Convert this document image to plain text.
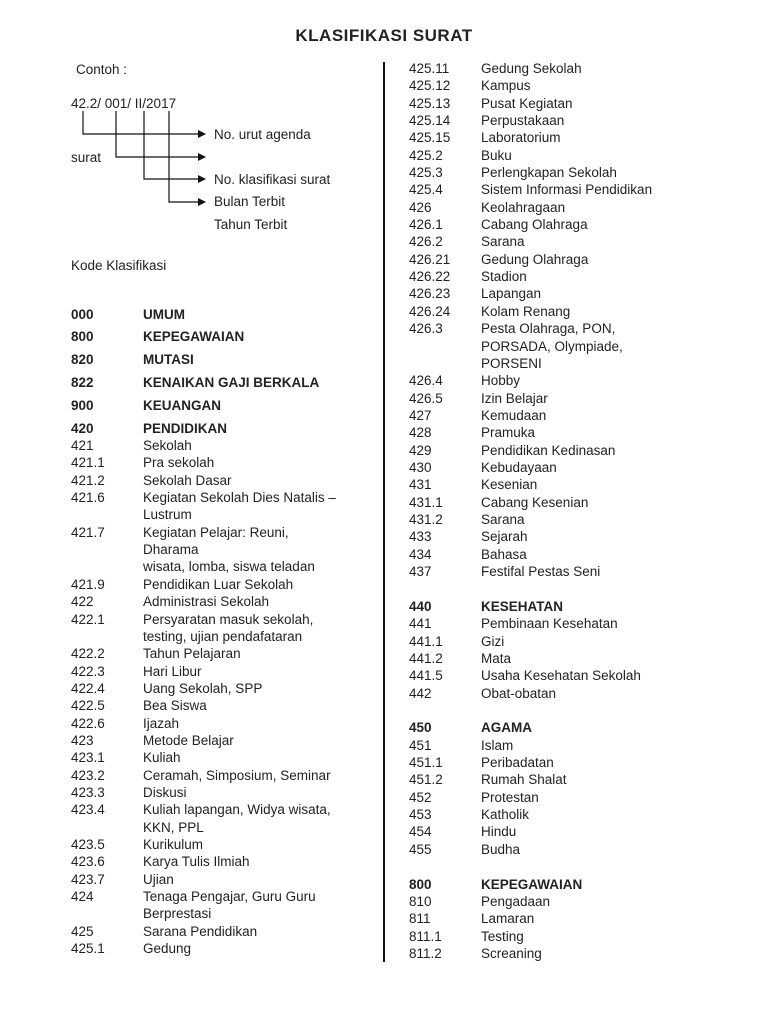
KLASIFIKASI SURAT
Contoh :
42.2/ 001/ II/2017
surat
No. urut agenda
No. klasifikasi surat
Bulan Terbit
Tahun Terbit
Kode Klasifikasi
000	UMUM
800	KEPEGAWAIAN
820	MUTASI
822	KENAIKAN GAJI BERKALA
900	KEUANGAN
420	PENDIDIKAN
421	Sekolah
421.1	Pra sekolah
421.2	Sekolah Dasar
421.6	Kegiatan Sekolah Dies Natalis –
Lustrum
421.7	Kegiatan Pelajar: Reuni,
Dharama
wisata, lomba, siswa teladan
421.9	Pendidikan Luar Sekolah
422	Administrasi Sekolah
422.1	Persyaratan masuk sekolah,
testing, ujian pendafataran
422.2	Tahun Pelajaran
422.3	Hari Libur
422.4	Uang Sekolah, SPP
422.5	Bea Siswa
422.6	Ijazah
423	Metode Belajar
423.1	Kuliah
423.2	Ceramah, Simposium, Seminar
423.3	Diskusi
423.4	Kuliah lapangan, Widya wisata,
KKN, PPL
423.5	Kurikulum
423.6	Karya Tulis Ilmiah
423.7	Ujian
424	Tenaga Pengajar, Guru Guru
Berprestasi
425	Sarana Pendidikan
425.1	Gedung
425.11	Gedung Sekolah
425.12	Kampus
425.13	Pusat Kegiatan
425.14	Perpustakaan
425.15	Laboratorium
425.2	Buku
425.3	Perlengkapan Sekolah
425.4	Sistem Informasi Pendidikan
426	Keolahragaan
426.1	Cabang Olahraga
426.2	Sarana
426.21	Gedung Olahraga
426.22	Stadion
426.23	Lapangan
426.24	Kolam Renang
426.3	Pesta Olahraga, PON,
PORSADA, Olympiade,
PORSENI
426.4	Hobby
426.5	Izin Belajar
427	Kemudaan
428	Pramuka
429	Pendidikan Kedinasan
430	Kebudayaan
431	Kesenian
431.1	Cabang Kesenian
431.2	Sarana
433	Sejarah
434	Bahasa
437	Festifal Pestas Seni
440	KESEHATAN
441	Pembinaan Kesehatan
441.1	Gizi
441.2	Mata
441.5	Usaha Kesehatan Sekolah
442	Obat-obatan
450	AGAMA
451	Islam
451.1	Peribadatan
451.2	Rumah Shalat
452	Protestan
453	Katholik
454	Hindu
455	Budha
800	KEPEGAWAIAN
810	Pengadaan
811	Lamaran
811.1	Testing
811.2	Screaning
